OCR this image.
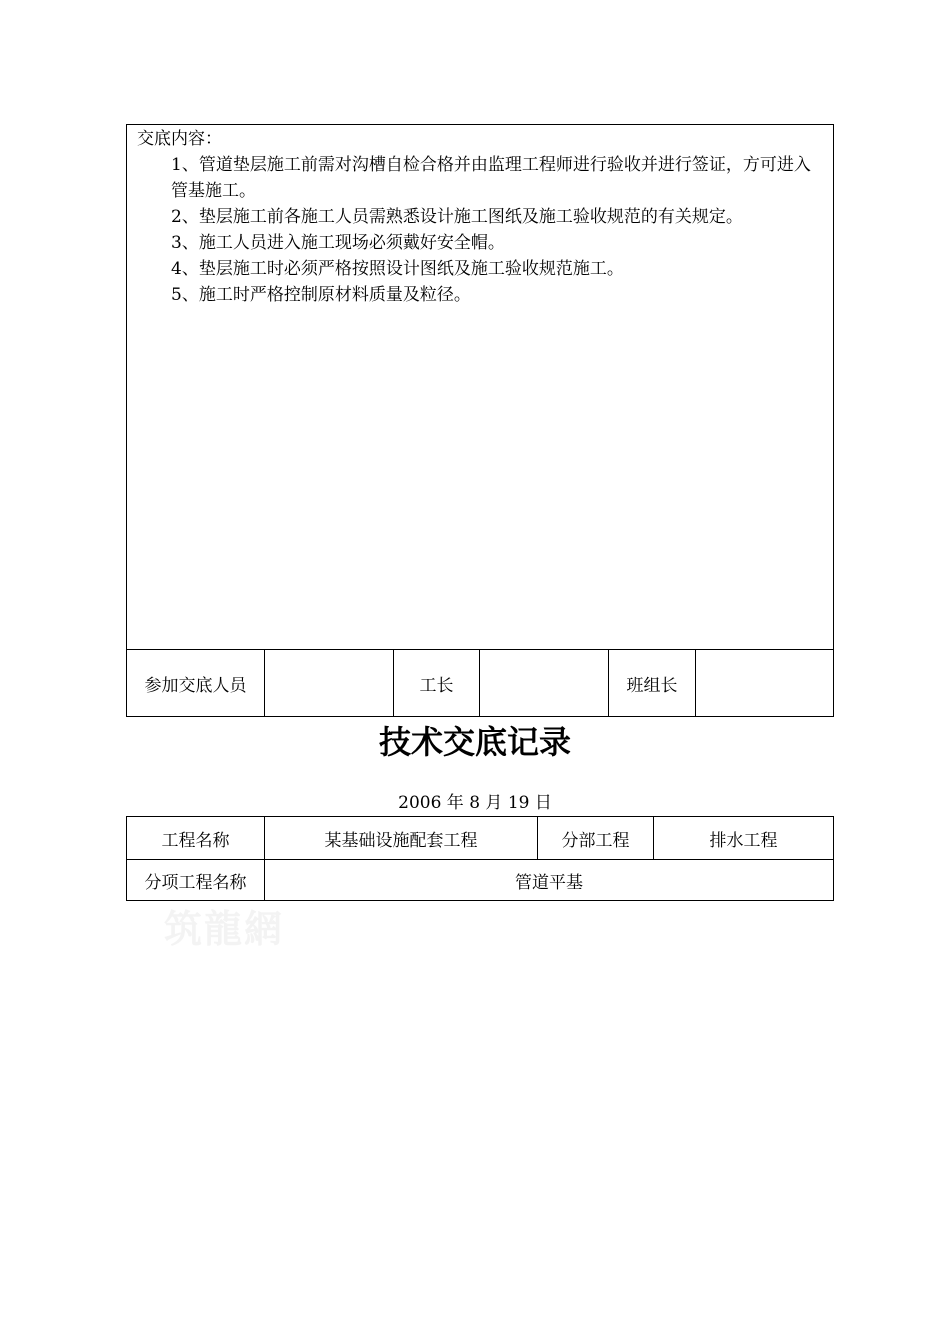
交底内容：
1、管道垫层施工前需对沟槽自检合格并由监理工程师进行验收并进行签证，方可进入管基施工。
2、垫层施工前各施工人员需熟悉设计施工图纸及施工验收规范的有关规定。
3、施工人员进入施工现场必须戴好安全帽。
4、垫层施工时必须严格按照设计图纸及施工验收规范施工。
5、施工时严格控制原材料质量及粒径。

参加交底人员		工长		班组长	
技术交底记录
2006 年 8 月 19 日
工程名称	某基础设施配套工程	分部工程	排水工程
分项工程名称	管道平基		
筑龍網
